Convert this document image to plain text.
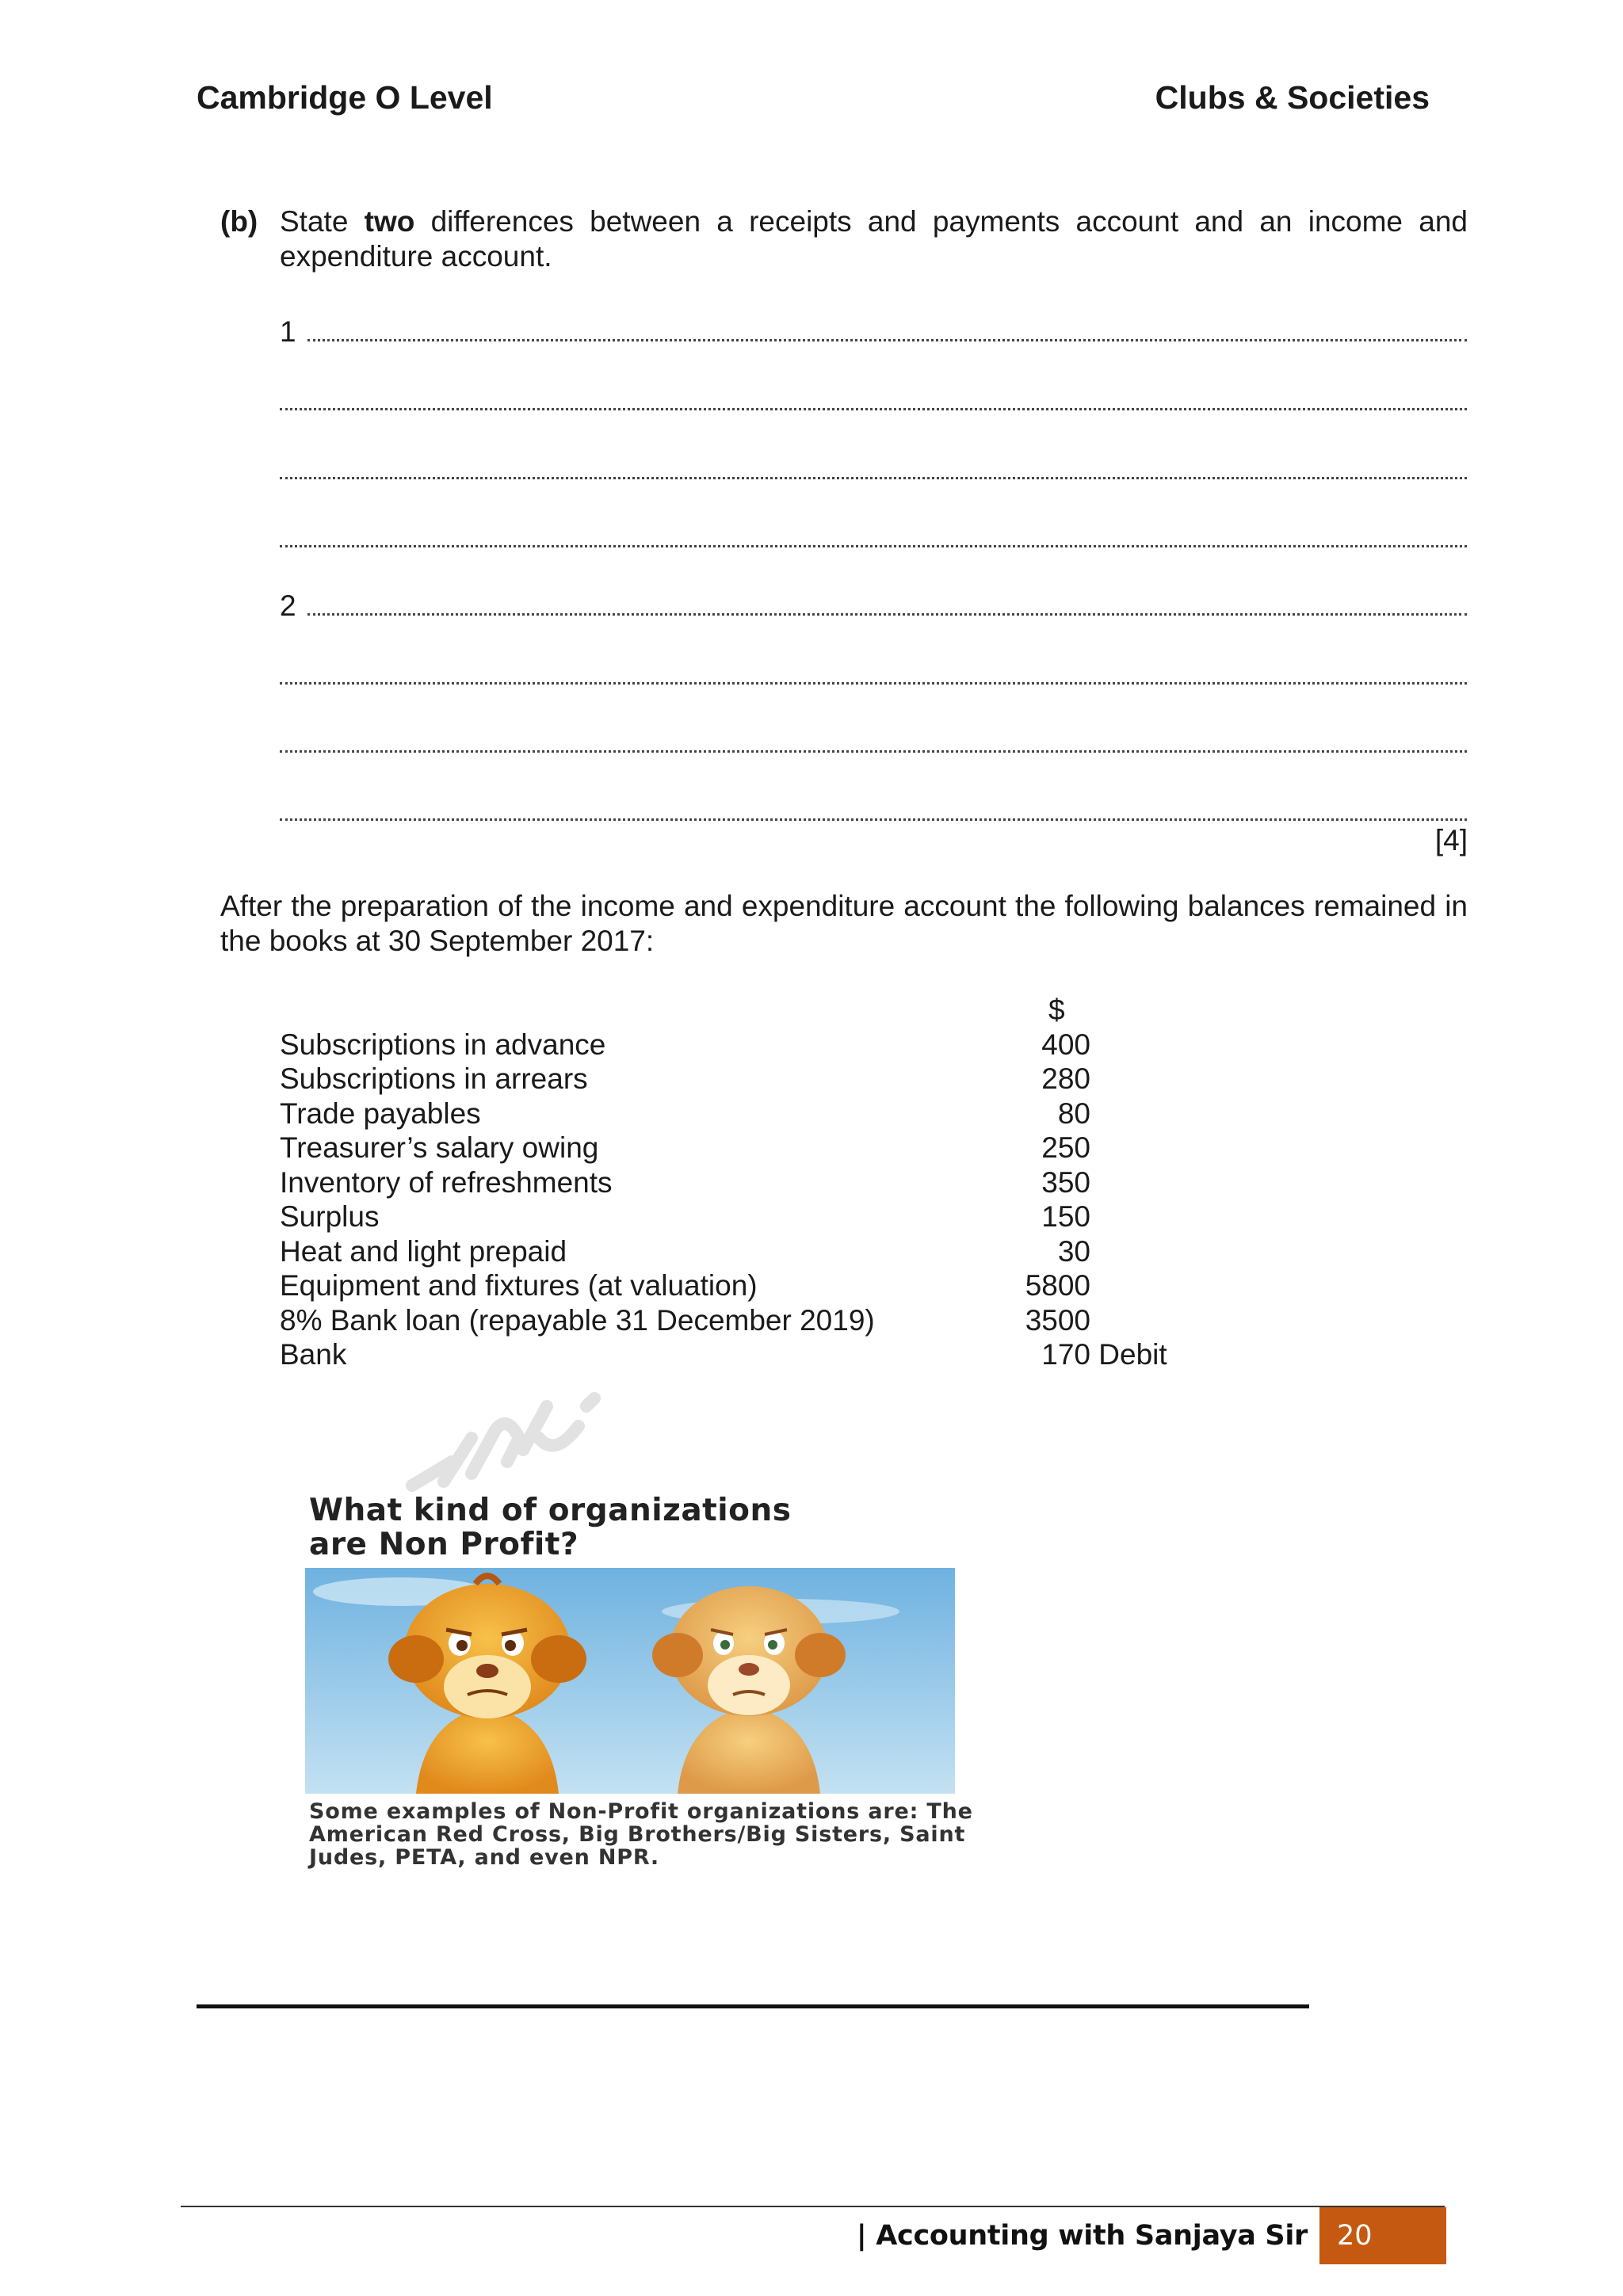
Cambridge O Level	Clubs & Societies
(b) State two differences between a receipts and payments account and an income and expenditure account.
1
2
[4]
After the preparation of the income and expenditure account the following balances remained in the books at 30 September 2017:
$
Subscriptions in advance	400
Subscriptions in arrears	280
Trade payables	80
Treasurer’s salary owing	250
Inventory of refreshments	350
Surplus	150
Heat and light prepaid	30
Equipment and fixtures (at valuation)	5800
8% Bank loan (repayable 31 December 2019)	3500
Bank	170 Debit
What kind of organizations
are Non Profit?
Some examples of Non-Profit organizations are: The American Red Cross, Big Brothers/Big Sisters, Saint Judes, PETA, and even NPR.
| Accounting with Sanjaya Sir	20
